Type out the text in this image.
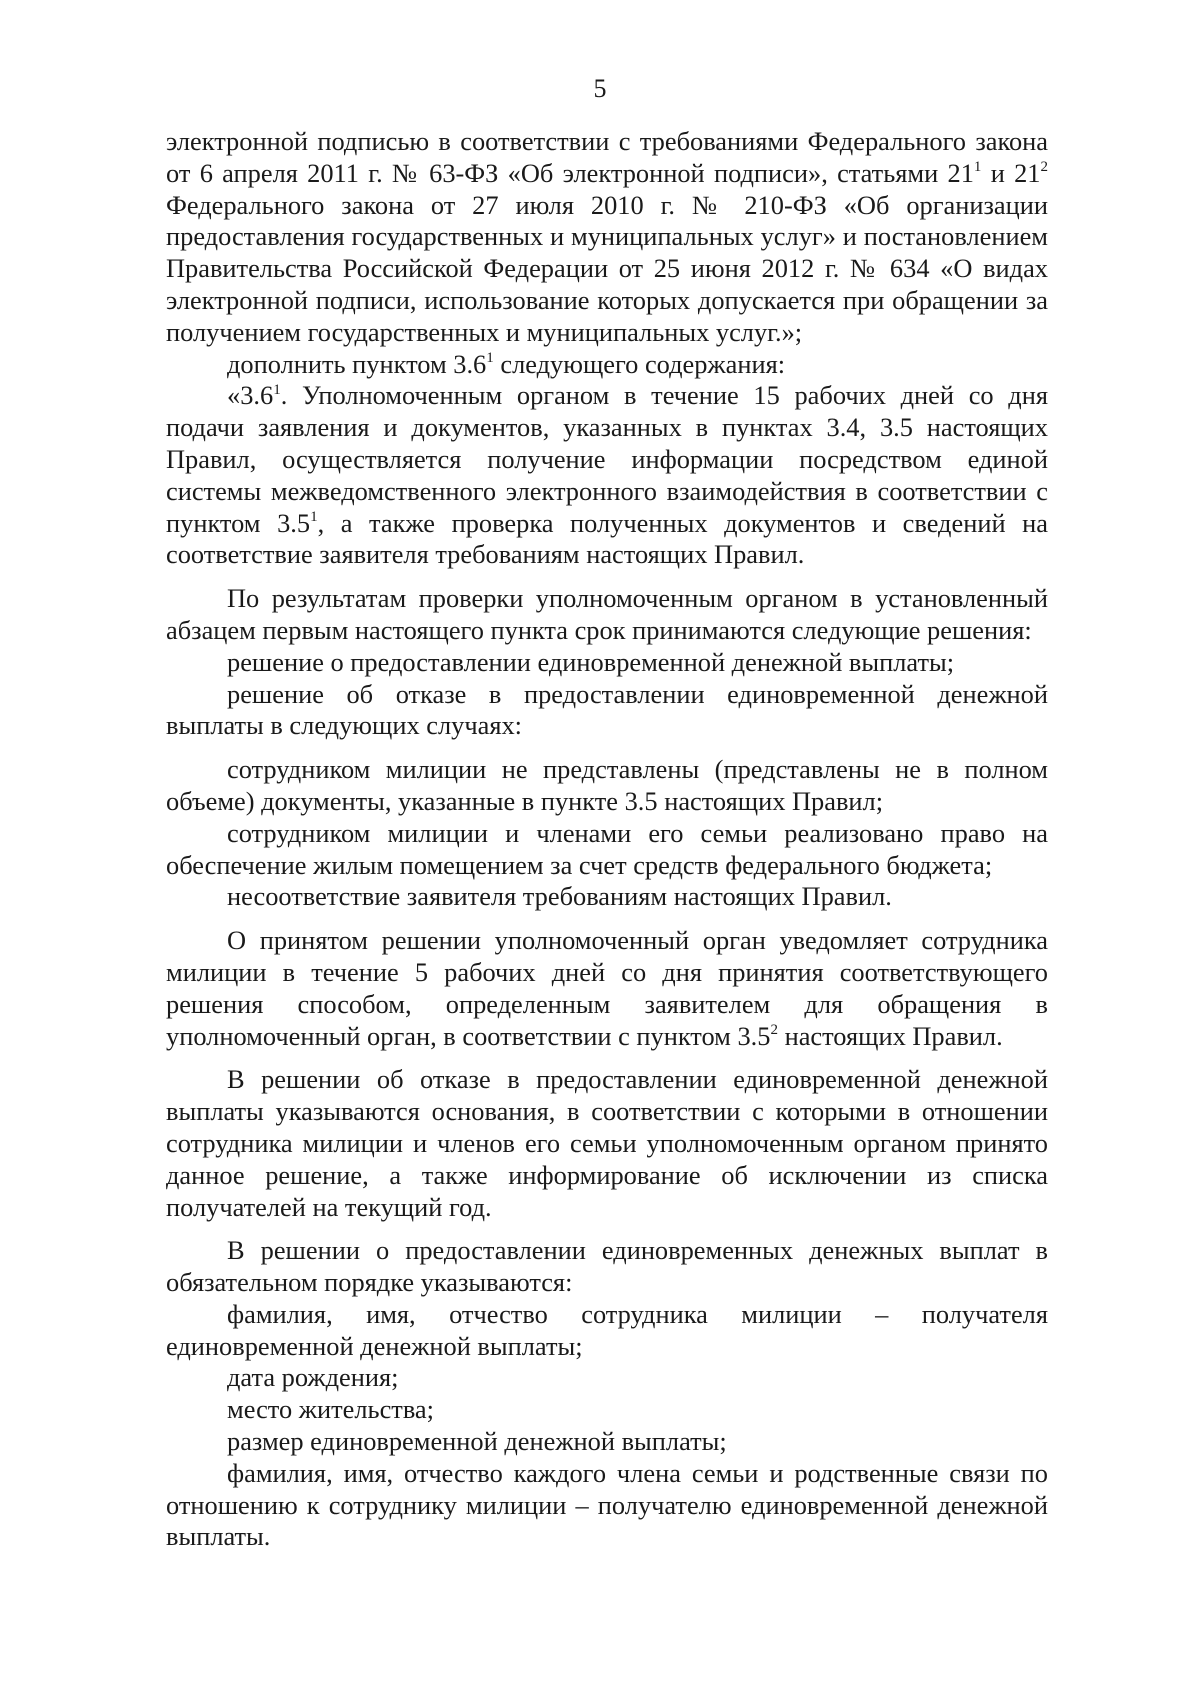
5

электронной подписью в соответствии с требованиями Федерального закона от 6 апреля 2011 г. № 63-ФЗ «Об электронной подписи», статьями $21^1$ и $21^2$ Федерального закона от 27 июля 2010 г. № 210-ФЗ «Об организации предоставления государственных и муниципальных услуг» и постановлением Правительства Российской Федерации от 25 июня 2012 г. № 634 «О видах электронной подписи, использование которых допускается при обращении за получением государственных и муниципальных услуг.»;

дополнить пунктом $3.6^1$ следующего содержания:

«$3.6^1$. Уполномоченным органом в течение 15 рабочих дней со дня подачи заявления и документов, указанных в пунктах 3.4, 3.5 настоящих Правил, осуществляется получение информации посредством единой системы межведомственного электронного взаимодействия в соответствии с пунктом $3.5^1$, а также проверка полученных документов и сведений на соответствие заявителя требованиям настоящих Правил.

По результатам проверки уполномоченным органом в установленный абзацем первым настоящего пункта срок принимаются следующие решения:

решение о предоставлении единовременной денежной выплаты;

решение об отказе в предоставлении единовременной денежной выплаты в следующих случаях:

сотрудником милиции не представлены (представлены не в полном объеме) документы, указанные в пункте 3.5 настоящих Правил;

сотрудником милиции и членами его семьи реализовано право на обеспечение жилым помещением за счет средств федерального бюджета;

несоответствие заявителя требованиям настоящих Правил.

О принятом решении уполномоченный орган уведомляет сотрудника милиции в течение 5 рабочих дней со дня принятия соответствующего решения способом, определенным заявителем для обращения в уполномоченный орган, в соответствии с пунктом $3.5^2$ настоящих Правил.

В решении об отказе в предоставлении единовременной денежной выплаты указываются основания, в соответствии с которыми в отношении сотрудника милиции и членов его семьи уполномоченным органом принято данное решение, а также информирование об исключении из списка получателей на текущий год.

В решении о предоставлении единовременных денежных выплат в обязательном порядке указываются:

фамилия, имя, отчество сотрудника милиции – получателя единовременной денежной выплаты;

дата рождения;

место жительства;

размер единовременной денежной выплаты;

фамилия, имя, отчество каждого члена семьи и родственные связи по отношению к сотруднику милиции – получателю единовременной денежной выплаты.
